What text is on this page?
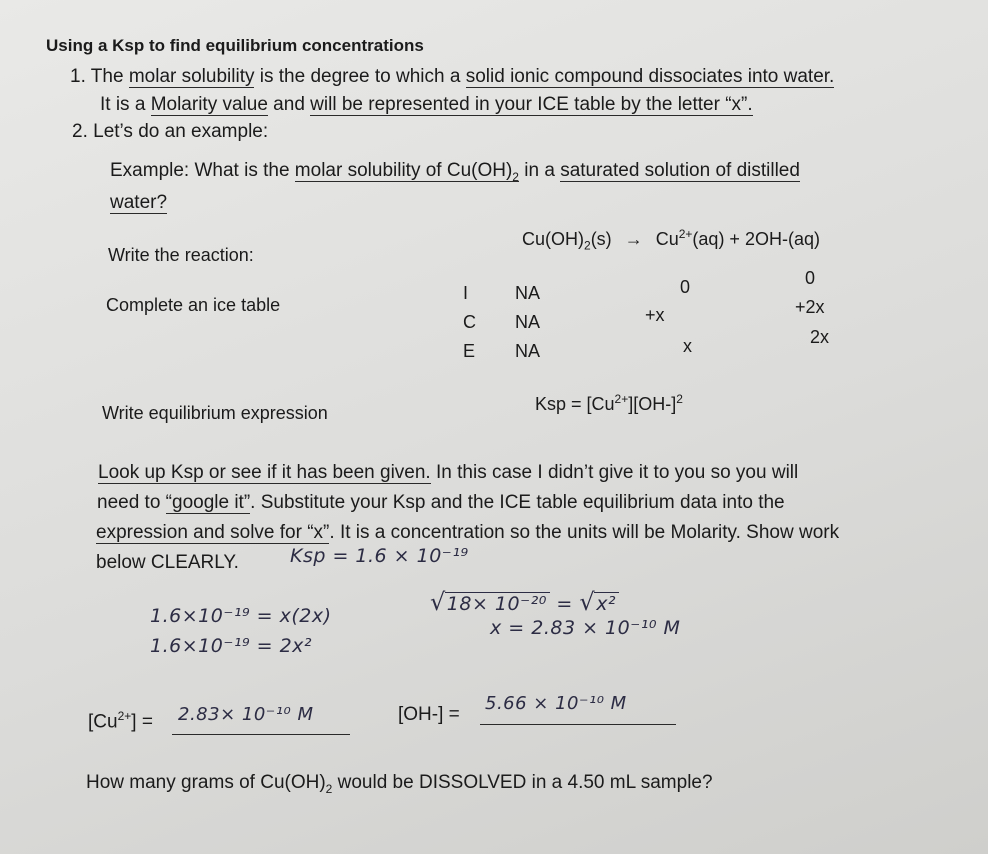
Using a Ksp to find equilibrium concentrations
1. The molar solubility is the degree to which a solid ionic compound dissociates into water.
It is a Molarity value and will be represented in your ICE table by the letter “x”.
2. Let’s do an example:
Example: What is the molar solubility of $Cu(OH)_2$ in a saturated solution of distilled
water?
Write the reaction:
$Cu(OH)_2(s) \to Cu^{2+}(aq) + 2OH-(aq)$
Complete an ice table
I	NA	0	0
C NA	+x	+2x
E NA	x	2x
Write equilibrium expression	Ksp = $[Cu^{2+}][OH-]^2$
Look up Ksp or see if it has been given. In this case I didn’t give it to you so you will
need to “google it”. Substitute your Ksp and the ICE table equilibrium data into the
expression and solve for “x”. It is a concentration so the units will be Molarity. Show work
below CLEARLY.	Ksp = 1.6 × 10⁻¹⁹
1.6×10⁻¹⁹ = x(2x)
1.6×10⁻¹⁹ = 2x²
√18× 10⁻²⁰ = √x²
x = 2.83 × 10⁻¹⁰ M
$[Cu^{2+}] = 2.83\times 10^{-10}$ M	[OH-] =
5.66 × 10⁻¹⁰ M
How many grams of $Cu(OH)_2$ would be DISSOLVED in a 4.50 mL sample?
